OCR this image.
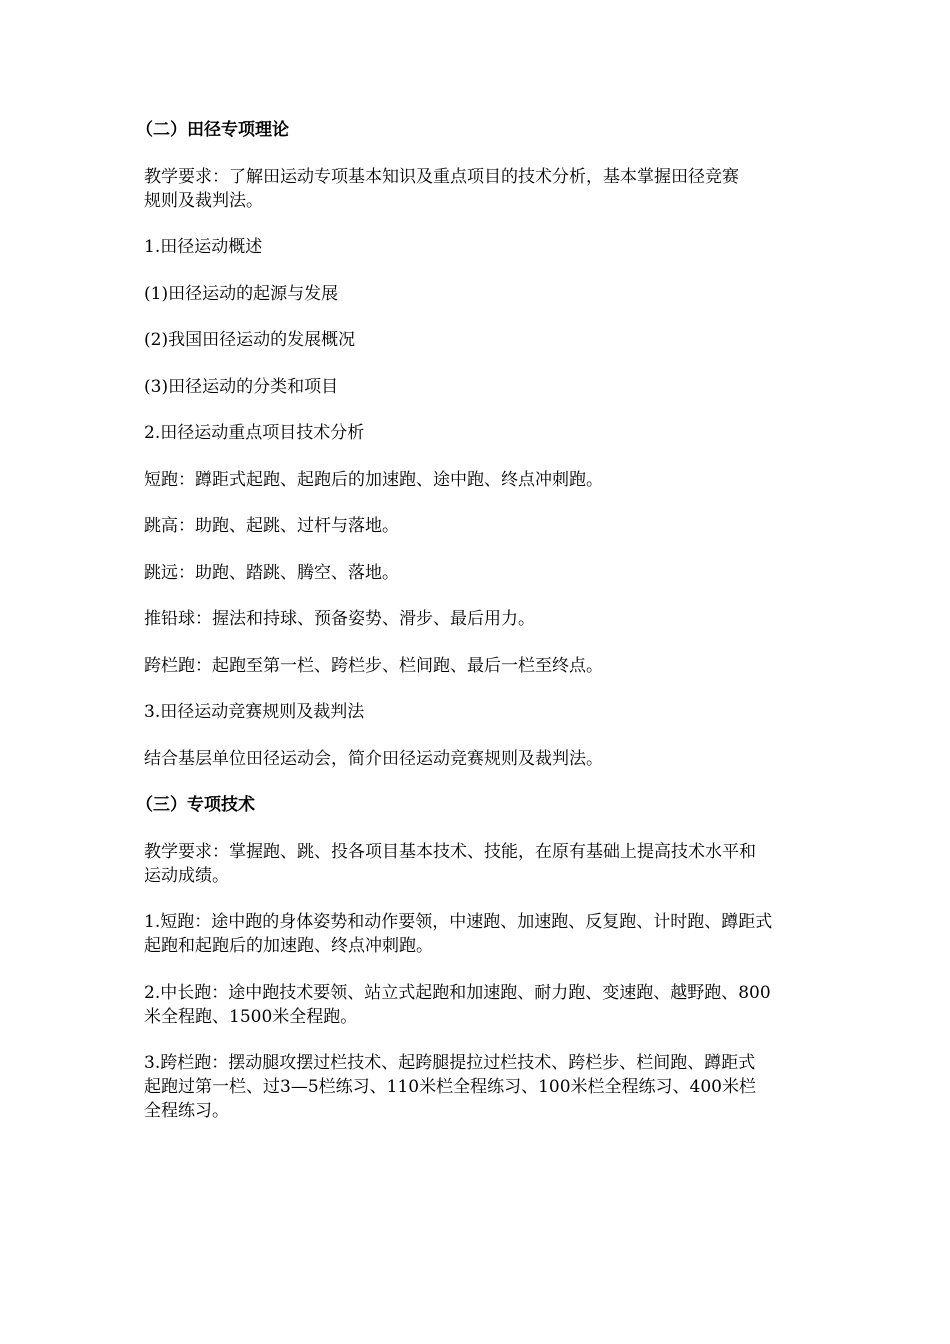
（二）田径专项理论

教学要求：了解田运动专项基本知识及重点项目的技术分析，基本掌握田径竞赛
规则及裁判法。

1.田径运动概述

(1)田径运动的起源与发展

(2)我国田径运动的发展概况

(3)田径运动的分类和项目

2.田径运动重点项目技术分析

短跑：蹲距式起跑、起跑后的加速跑、途中跑、终点冲刺跑。

跳高：助跑、起跳、过杆与落地。

跳远：助跑、踏跳、腾空、落地。

推铅球：握法和持球、预备姿势、滑步、最后用力。

跨栏跑：起跑至第一栏、跨栏步、栏间跑、最后一栏至终点。

3.田径运动竞赛规则及裁判法

结合基层单位田径运动会，简介田径运动竞赛规则及裁判法。

（三）专项技术

教学要求：掌握跑、跳、投各项目基本技术、技能，在原有基础上提高技术水平和
运动成绩。

1.短跑：途中跑的身体姿势和动作要领，中速跑、加速跑、反复跑、计时跑、蹲距式
起跑和起跑后的加速跑、终点冲刺跑。

2.中长跑：途中跑技术要领、站立式起跑和加速跑、耐力跑、变速跑、越野跑、800
米全程跑、1500米全程跑。

3.跨栏跑：摆动腿攻摆过栏技术、起跨腿提拉过栏技术、跨栏步、栏间跑、蹲距式
起跑过第一栏、过3—5栏练习、110米栏全程练习、100米栏全程练习、400米栏
全程练习。
